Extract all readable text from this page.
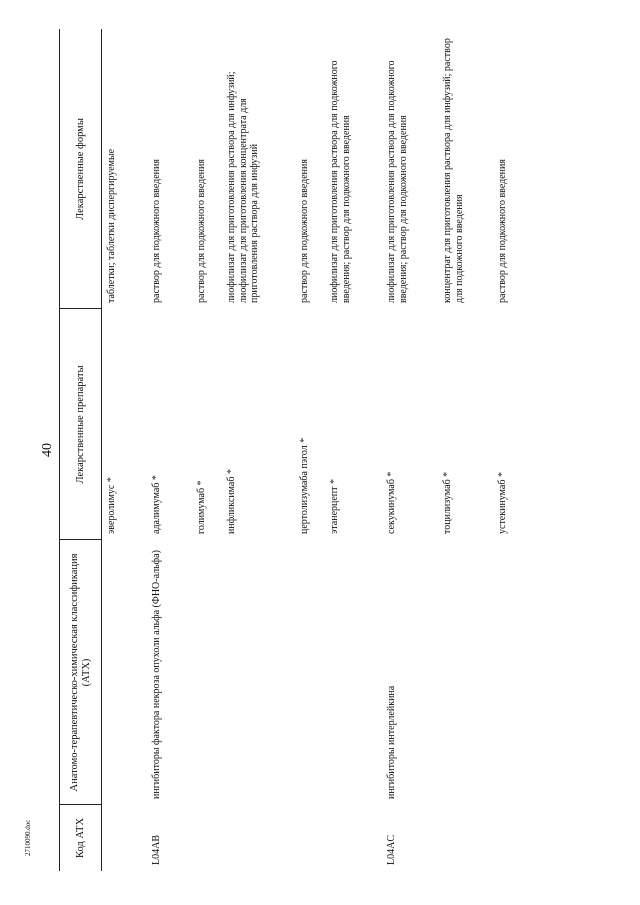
40
2710090.doc	Код АТХ
Анатомо-терапевтическо-химическая классификация (АТХ)
Лекарственные препараты
Лекарственные формы
эверолимус *
таблетки; таблетки диспергируемые
L04AB
ингибиторы фактора некроза опухоли альфа (ФНО-альфа)
адалимумаб *
раствор для подкожного введения
голимумаб *
раствор для подкожного введения
инфликсимаб *
лиофилизат для приготовления раствора для инфузий; лиофилизат для приготовления концентрата для приготовления раствора для инфузий
цертолизумаба пэгол *
раствор для подкожного введения
этанерцепт *
лиофилизат для приготовления раствора для подкожного введения; раствор для подкожного введения
L04AC
ингибиторы интерлейкина
секукинумаб *
лиофилизат для приготовления раствора для подкожного введения; раствор для подкожного введения
тоцилизумаб *
концентрат для приготовления раствора для инфузий; раствор для подкожного введения
устекинумаб *
раствор для подкожного введения
